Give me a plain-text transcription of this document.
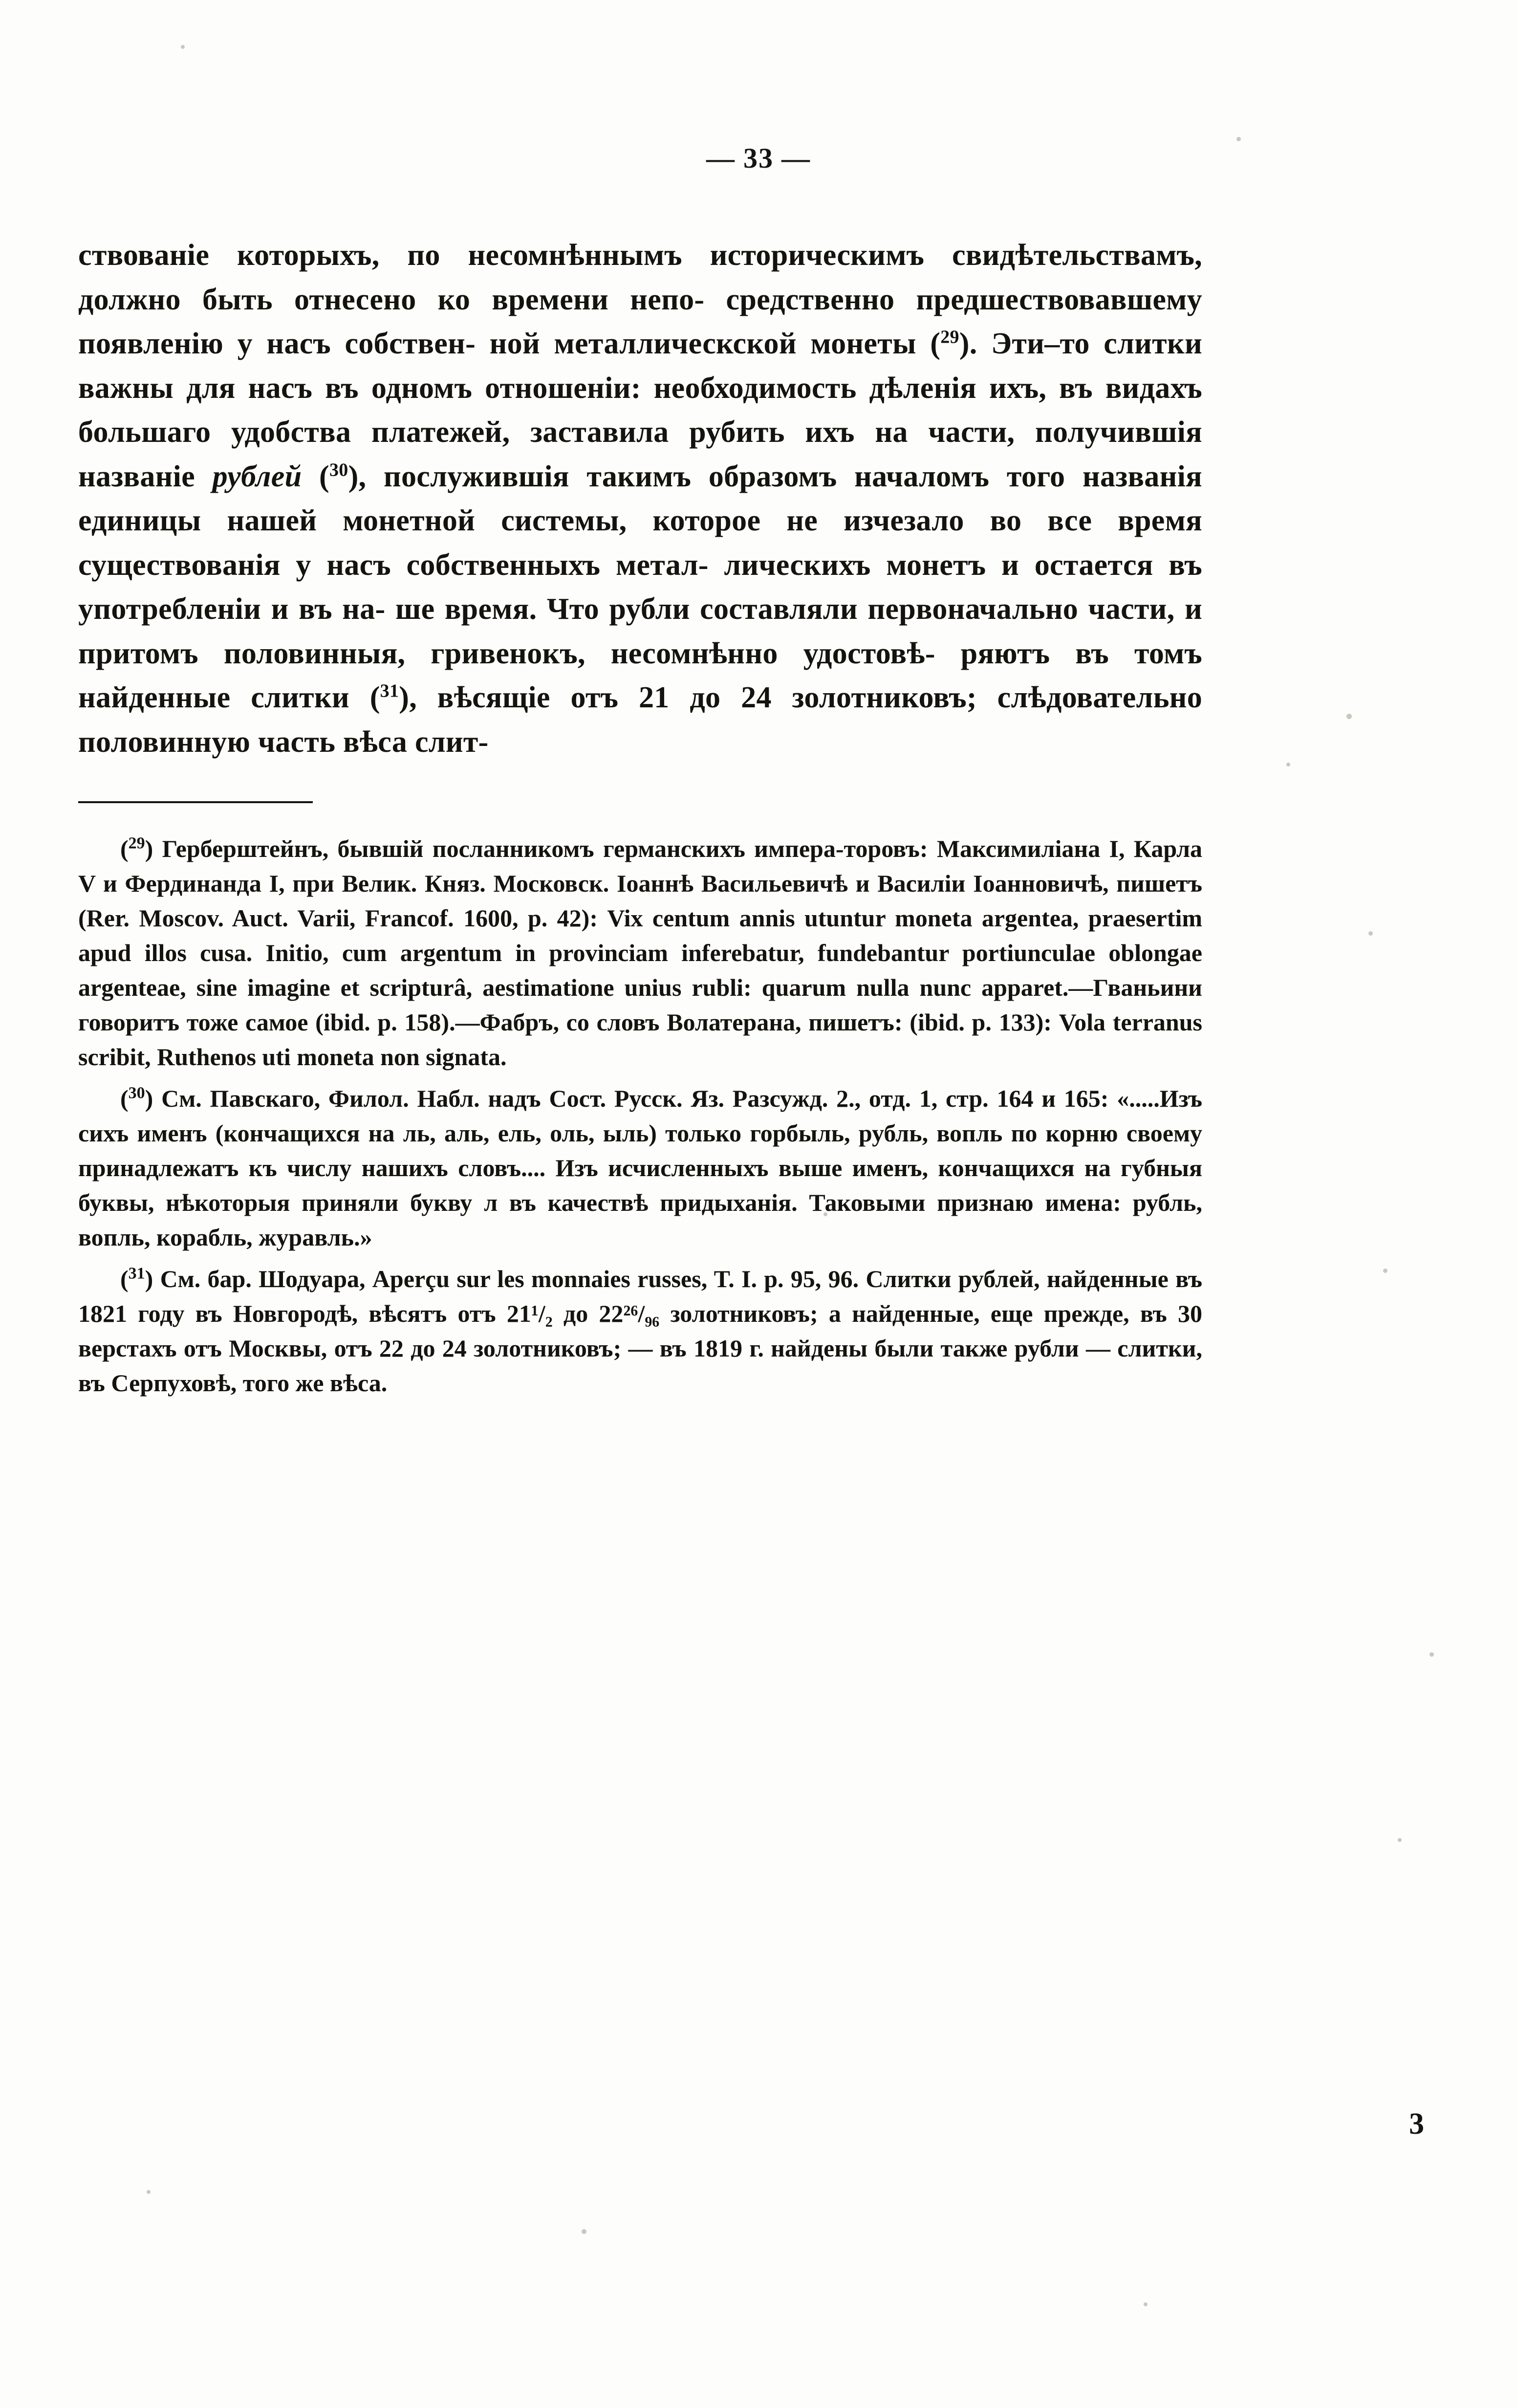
— 33 —

ствованіе которыхъ, по несомнѣннымъ историческимъ свидѣтельствамъ, должно быть отнесено ко времени непо- средственно предшествовавшему появленію у насъ собствен- ной металлическской монеты ($^{29}$). Эти–то слитки важны для насъ въ одномъ отношеніи: необходимость дѣленія ихъ, въ видахъ большаго удобства платежей, заставила рубить ихъ на части, получившія названіе рублей ($^{30}$), послужившія такимъ образомъ началомъ того названія единицы нашей монетной системы, которое не изчезало во все время существованія у насъ собственныхъ метал- лическихъ монетъ и остается въ употребленіи и въ на- ше время. Что рубли составляли первоначально части, и притомъ половинныя, гривенокъ, несомнѣнно удостовѣ- ряютъ въ томъ найденные слитки ($^{31}$), вѣсящіе отъ 21 до 24 золотниковъ; слѣдовательно половинную часть вѣса слит-

($^{29}$) Герберштейнъ, бывшій посланникомъ германскихъ импера-торовъ: Максимиліана I, Карла V и Фердинанда I, при Велик. Княз. Московск. Іоаннѣ Васильевичѣ и Василіи Іоанновичѣ, пишетъ (Rer. Moscov. Auct. Varii, Francof. 1600, p. 42): Vix centum annis utuntur moneta argentea, praesertim apud illos cusa. Initio, cum argentum in provinciam inferebatur, fundebantur portiunculae oblongae argenteae, sine imagine et scripturâ, aestimatione unius rubli: quarum nulla nunc apparet.—Гваньини говоритъ тоже самое (ibid. p. 158).—Фабръ, со словъ Волатерана, пишетъ: (ibid. p. 133): Vola terranus scribit, Ruthenos uti moneta non signata.

($^{30}$) См. Павскаго, Филол. Набл. надъ Сост. Русск. Яз. Разсужд. 2., отд. 1, стр. 164 и 165: «.....Изъ сихъ именъ (кончащихся на ль, аль, ель, оль, ыль) только горбыль, рубль, вопль по корню своему принадлежатъ къ числу нашихъ словъ.... Изъ исчисленныхъ выше именъ, кончащихся на губныя буквы, нѣкоторыя приняли букву л въ качествѣ придыханія. Таковыми признаю имена: рубль, вопль, корабль, журавль.»

($^{31}$) См. бар. Шодуара, Aperçu sur les monnaies russes, T. I. p. 95, 96. Слитки рублей, найденные въ 1821 году въ Новгородѣ, вѣсятъ отъ 21¹/₂ до 22²⁶/₉₆ золотниковъ; а найденные, еще прежде, въ 30 верстахъ отъ Москвы, отъ 22 до 24 золотниковъ; — въ 1819 г. найдены были также рубли — слитки, въ Серпуховѣ, того же вѣса.

3
